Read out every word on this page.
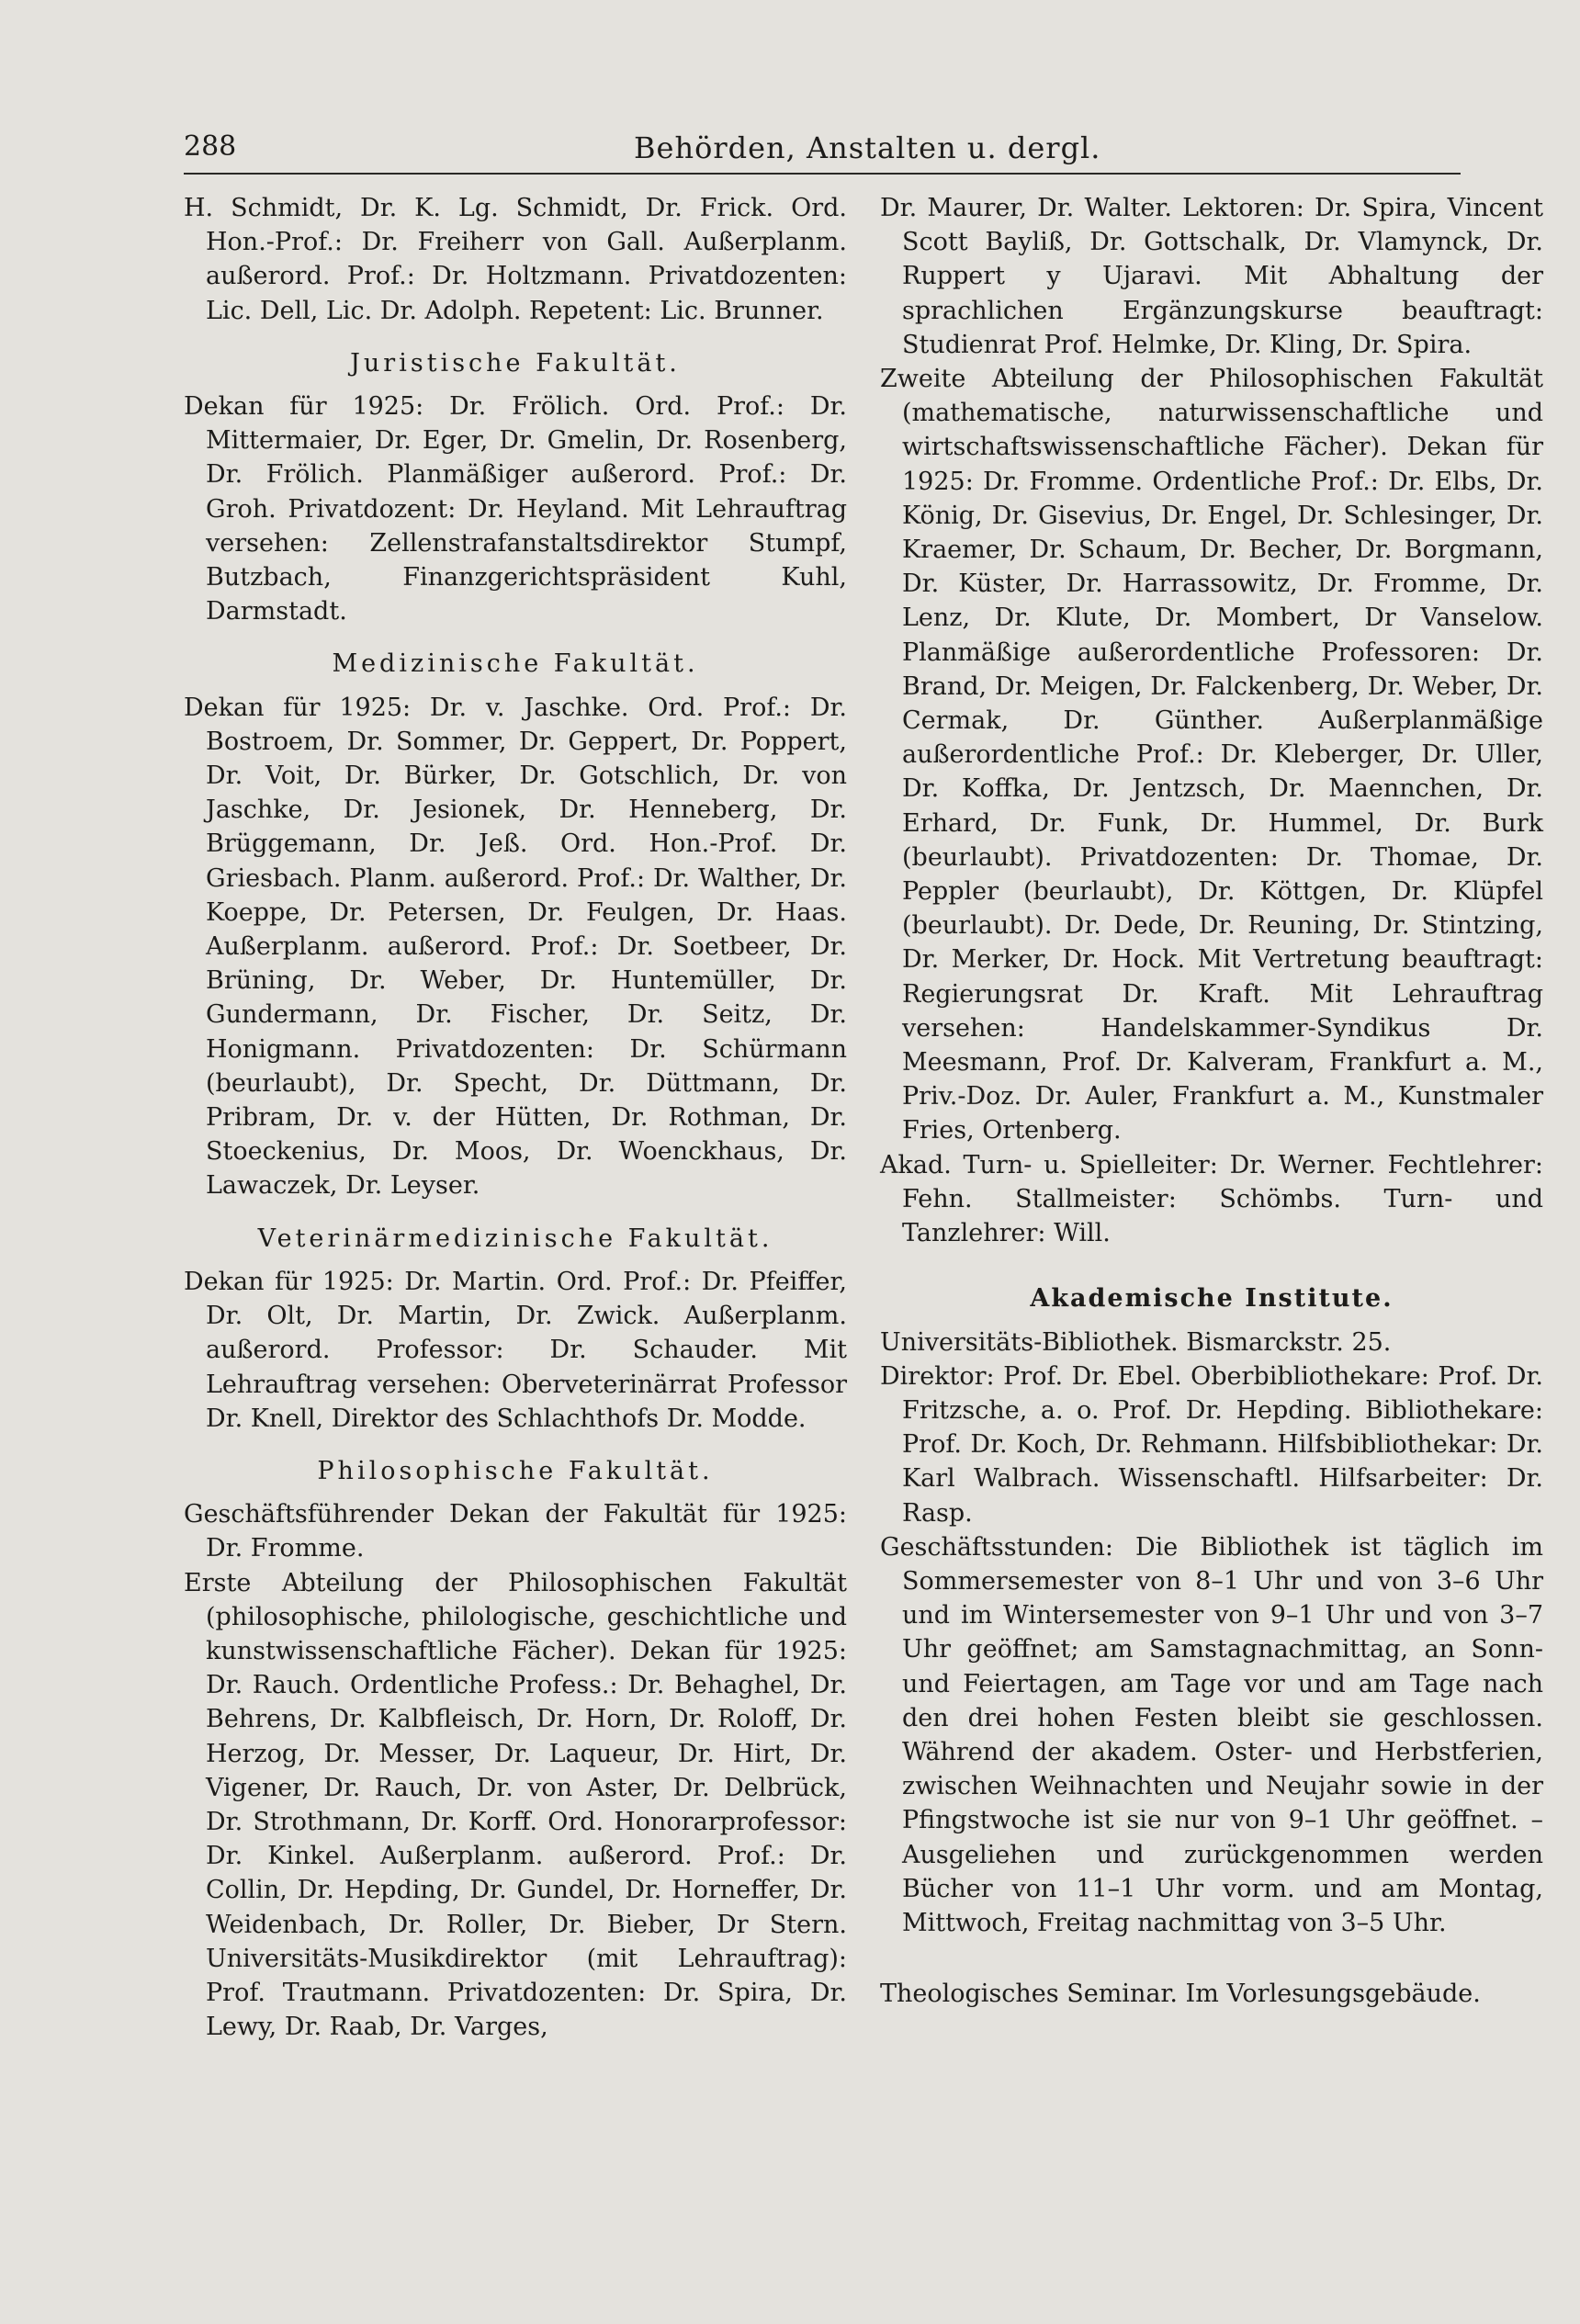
288	Behörden, Anstalten u. dergl.

H. Schmidt, Dr. K. Lg. Schmidt, Dr. Frick. Ord. Hon.-Prof.: Dr. Freiherr von Gall. Außerplanm. außerord. Prof.: Dr. Holtzmann. Privatdozenten: Lic. Dell, Lic. Dr. Adolph. Repetent: Lic. Brunner.

Juristische Fakultät.

Dekan für 1925: Dr. Frölich. Ord. Prof.: Dr. Mittermaier, Dr. Eger, Dr. Gmelin, Dr. Rosenberg, Dr. Frölich. Planmäßiger außerord. Prof.: Dr. Groh. Privatdozent: Dr. Heyland. Mit Lehrauftrag versehen: Zellenstrafanstaltsdirektor Stumpf, Butzbach, Finanzgerichtspräsident Kuhl, Darmstadt.

Medizinische Fakultät.

Dekan für 1925: Dr. v. Jaschke. Ord. Prof.: Dr. Bostroem, Dr. Sommer, Dr. Geppert, Dr. Poppert, Dr. Voit, Dr. Bürker, Dr. Gotschlich, Dr. von Jaschke, Dr. Jesionek, Dr. Henneberg, Dr. Brüggemann, Dr. Jeß. Ord. Hon.-Prof. Dr. Griesbach. Planm. außerord. Prof.: Dr. Walther, Dr. Koeppe, Dr. Petersen, Dr. Feulgen, Dr. Haas. Außerplanm. außerord. Prof.: Dr. Soetbeer, Dr. Brüning, Dr. Weber, Dr. Huntemüller, Dr. Gundermann, Dr. Fischer, Dr. Seitz, Dr. Honigmann. Privatdozenten: Dr. Schürmann (beurlaubt), Dr. Specht, Dr. Düttmann, Dr. Pribram, Dr. v. der Hütten, Dr. Rothman, Dr. Stoeckenius, Dr. Moos, Dr. Woenckhaus, Dr. Lawaczek, Dr. Leyser.

Veterinärmedizinische Fakultät.

Dekan für 1925: Dr. Martin. Ord. Prof.: Dr. Pfeiffer, Dr. Olt, Dr. Martin, Dr. Zwick. Außerplanm. außerord. Professor: Dr. Schauder. Mit Lehrauftrag versehen: Oberveterinärrat Professor Dr. Knell, Direktor des Schlachthofs Dr. Modde.

Philosophische Fakultät.

Geschäftsführender Dekan der Fakultät für 1925: Dr. Fromme.

Erste Abteilung der Philosophischen Fakultät (philosophische, philologische, geschichtliche und kunstwissenschaftliche Fächer). Dekan für 1925: Dr. Rauch. Ordentliche Profess.: Dr. Behaghel, Dr. Behrens, Dr. Kalbfleisch, Dr. Horn, Dr. Roloff, Dr. Herzog, Dr. Messer, Dr. Laqueur, Dr. Hirt, Dr. Vigener, Dr. Rauch, Dr. von Aster, Dr. Delbrück, Dr. Strothmann, Dr. Korff. Ord. Honorarprofessor: Dr. Kinkel. Außerplanm. außerord. Prof.: Dr. Collin, Dr. Hepding, Dr. Gundel, Dr. Horneffer, Dr. Weidenbach, Dr. Roller, Dr. Bieber, Dr Stern. Universitäts-Musikdirektor (mit Lehrauftrag): Prof. Trautmann. Privatdozenten: Dr. Spira, Dr. Lewy, Dr. Raab, Dr. Varges,

Dr. Maurer, Dr. Walter. Lektoren: Dr. Spira, Vincent Scott Bayliß, Dr. Gottschalk, Dr. Vlamynck, Dr. Ruppert y Ujaravi. Mit Abhaltung der sprachlichen Ergänzungskurse beauftragt: Studienrat Prof. Helmke, Dr. Kling, Dr. Spira.

Zweite Abteilung der Philosophischen Fakultät (mathematische, naturwissenschaftliche und wirtschaftswissenschaftliche Fächer). Dekan für 1925: Dr. Fromme. Ordentliche Prof.: Dr. Elbs, Dr. König, Dr. Gisevius, Dr. Engel, Dr. Schlesinger, Dr. Kraemer, Dr. Schaum, Dr. Becher, Dr. Borgmann, Dr. Küster, Dr. Harrassowitz, Dr. Fromme, Dr. Lenz, Dr. Klute, Dr. Mombert, Dr Vanselow. Planmäßige außerordentliche Professoren: Dr. Brand, Dr. Meigen, Dr. Falckenberg, Dr. Weber, Dr. Cermak, Dr. Günther. Außerplanmäßige außerordentliche Prof.: Dr. Kleberger, Dr. Uller, Dr. Koffka, Dr. Jentzsch, Dr. Maennchen, Dr. Erhard, Dr. Funk, Dr. Hummel, Dr. Burk (beurlaubt). Privatdozenten: Dr. Thomae, Dr. Peppler (beurlaubt), Dr. Köttgen, Dr. Klüpfel (beurlaubt). Dr. Dede, Dr. Reuning, Dr. Stintzing, Dr. Merker, Dr. Hock. Mit Vertretung beauftragt: Regierungsrat Dr. Kraft. Mit Lehrauftrag versehen: Handelskammer-Syndikus Dr. Meesmann, Prof. Dr. Kalveram, Frankfurt a. M., Priv.-Doz. Dr. Auler, Frankfurt a. M., Kunstmaler Fries, Ortenberg.

Akad. Turn- u. Spielleiter: Dr. Werner. Fechtlehrer: Fehn. Stallmeister: Schömbs. Turn- und Tanzlehrer: Will.

Akademische Institute.

Universitäts-Bibliothek. Bismarckstr. 25.

Direktor: Prof. Dr. Ebel. Oberbibliothekare: Prof. Dr. Fritzsche, a. o. Prof. Dr. Hepding. Bibliothekare: Prof. Dr. Koch, Dr. Rehmann. Hilfsbibliothekar: Dr. Karl Walbrach. Wissenschaftl. Hilfsarbeiter: Dr. Rasp.

Geschäftsstunden: Die Bibliothek ist täglich im Sommersemester von 8–1 Uhr und von 3–6 Uhr und im Wintersemester von 9–1 Uhr und von 3–7 Uhr geöffnet; am Samstagnachmittag, an Sonn- und Feiertagen, am Tage vor und am Tage nach den drei hohen Festen bleibt sie geschlossen. Während der akadem. Oster- und Herbstferien, zwischen Weihnachten und Neujahr sowie in der Pfingstwoche ist sie nur von 9–1 Uhr geöffnet. – Ausgeliehen und zurückgenommen werden Bücher von 11–1 Uhr vorm. und am Montag, Mittwoch, Freitag nachmittag von 3–5 Uhr.

Theologisches Seminar. Im Vorlesungsgebäude.
